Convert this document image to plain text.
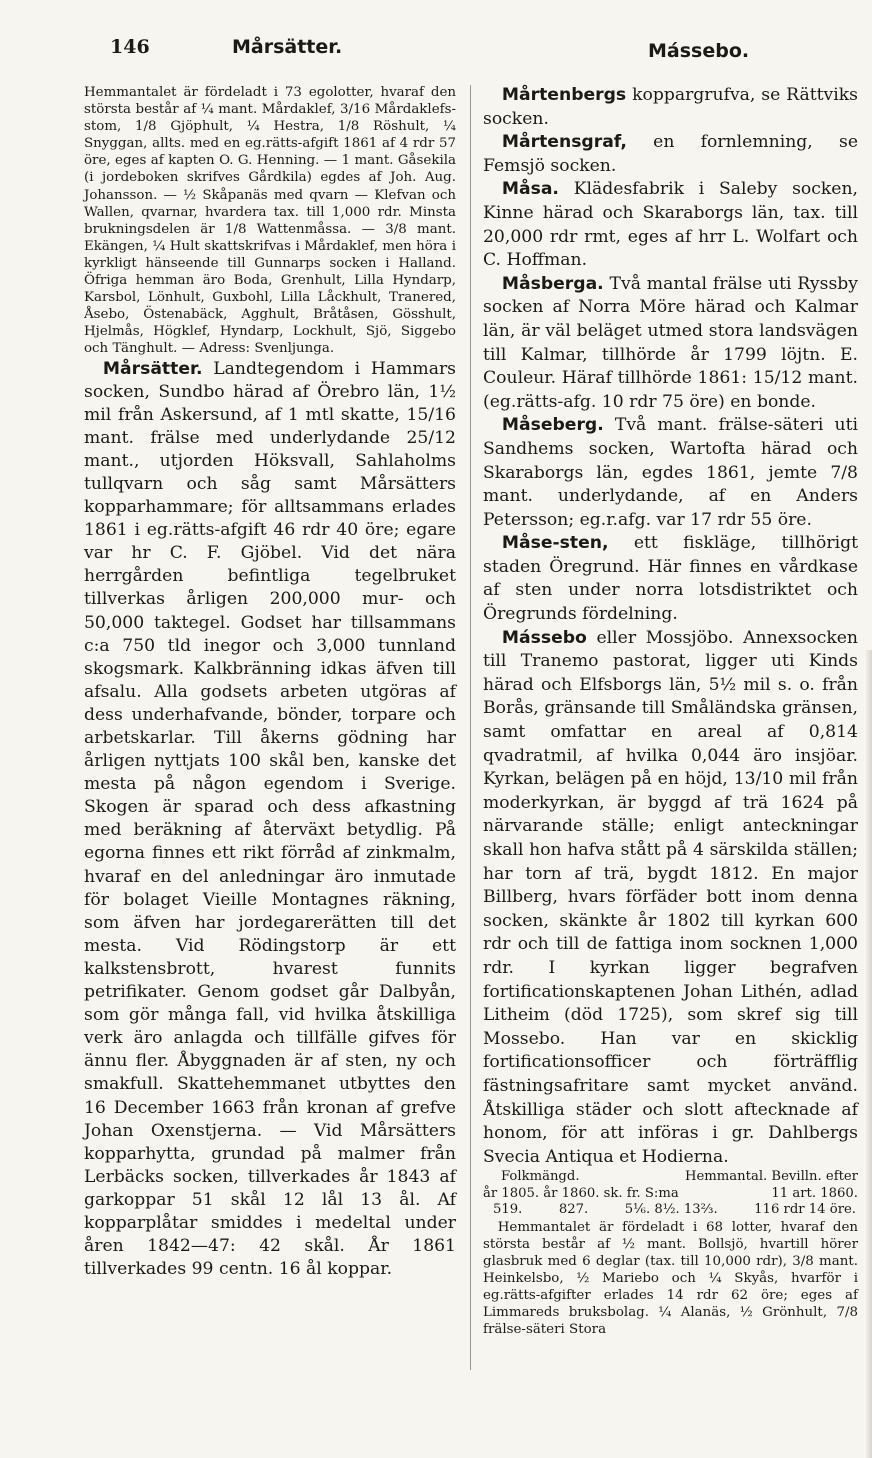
146	Mårsätter.	Mássebo.

Hemmantalet är fördeladt i 73 egolotter, hvaraf den största består af ¼ mant. Mårdaklef, 3/16 Mårdaklefs-stom, 1/8 Gjöphult, ¼ Hestra, 1/8 Röshult, ¼ Snyggan, allts. med en eg.rätts-afgift 1861 af 4 rdr 57 öre, eges af kapten O. G. Henning. — 1 mant. Gåsekila (i jordeboken skrifves Gårdkila) egdes af Joh. Aug. Johansson. — ½ Skåpanäs med qvarn — Klefvan och Wallen, qvarnar, hvardera tax. till 1,000 rdr. Minsta brukningsdelen är 1/8 Wattenmåssa. — 3/8 mant. Ekängen, ¼ Hult skattskrifvas i Mårdaklef, men höra i kyrkligt hänseende till Gunnarps socken i Halland. Öfriga hemman äro Boda, Grenhult, Lilla Hyndarp, Karsbol, Lönhult, Guxbohl, Lilla Låckhult, Tranered, Åsebo, Östenabäck, Agghult, Bråtåsen, Gösshult, Hjelmås, Högklef, Hyndarp, Lockhult, Sjö, Siggebo och Tänghult. — Adress: Svenljunga.

Mårsätter. Landtegendom i Hammars socken, Sundbo härad af Örebro län, 1½ mil från Askersund, af 1 mtl skatte, 15/16 mant. frälse med underlydande 25/12 mant., utjorden Höksvall, Sahlaholms tullqvarn och såg samt Mårsätters kopparhammare; för alltsammans erlades 1861 i eg.rätts-afgift 46 rdr 40 öre; egare var hr C. F. Gjöbel. Vid det nära herrgården befintliga tegelbruket tillverkas årligen 200,000 mur- och 50,000 taktegel. Godset har tillsammans c:a 750 tld inegor och 3,000 tunnland skogsmark. Kalkbränning idkas äfven till afsalu. Alla godsets arbeten utgöras af dess underhafvande, bönder, torpare och arbetskarlar. Till åkerns gödning har årligen nyttjats 100 skål ben, kanske det mesta på någon egendom i Sverige. Skogen är sparad och dess afkastning med beräkning af återväxt betydlig. På egorna finnes ett rikt förråd af zinkmalm, hvaraf en del anledningar äro inmutade för bolaget Vieille Montagnes räkning, som äfven har jordegarerätten till det mesta. Vid Rödingstorp är ett kalkstensbrott, hvarest funnits petrifikater. Genom godset går Dalbyån, som gör många fall, vid hvilka åtskilliga verk äro anlagda och tillfälle gifves för ännu fler. Åbyggnaden är af sten, ny och smakfull. Skattehemmanet utbyttes den 16 December 1663 från kronan af grefve Johan Oxenstjerna. — Vid Mårsätters kopparhytta, grundad på malmer från Lerbäcks socken, tillverkades år 1843 af garkoppar 51 skål 12 lål 13 ål. Af kopparplåtar smiddes i medeltal under åren 1842—47: 42 skål. År 1861 tillverkades 99 centn. 16 ål koppar.

Mårtenbergs koppargrufva, se Rättviks socken.

Mårtensgraf, en fornlemning, se Femsjö socken.

Måsa. Klädesfabrik i Saleby socken, Kinne härad och Skaraborgs län, tax. till 20,000 rdr rmt, eges af hrr L. Wolfart och C. Hoffman.

Måsberga. Två mantal frälse uti Ryssby socken af Norra Möre härad och Kalmar län, är väl beläget utmed stora landsvägen till Kalmar, tillhörde år 1799 löjtn. E. Couleur. Häraf tillhörde 1861: 15/12 mant. (eg.rätts-afg. 10 rdr 75 öre) en bonde.

Måseberg. Två mant. frälse-säteri uti Sandhems socken, Wartofta härad och Skaraborgs län, egdes 1861, jemte 7/8 mant. underlydande, af en Anders Petersson; eg.r.afg. var 17 rdr 55 öre.

Måse-sten, ett fiskläge, tillhörigt staden Öregrund. Här finnes en vårdkase af sten under norra lotsdistriktet och Öregrunds fördelning.

Mássebo eller Mossjöbo. Annexsocken till Tranemo pastorat, ligger uti Kinds härad och Elfsborgs län, 5½ mil s. o. från Borås, gränsande till Småländska gränsen, samt omfattar en areal af 0,814 qvadratmil, af hvilka 0,044 äro insjöar. Kyrkan, belägen på en höjd, 13/10 mil från moderkyrkan, är byggd af trä 1624 på närvarande ställe; enligt anteckningar skall hon hafva stått på 4 särskilda ställen; har torn af trä, bygdt 1812. En major Billberg, hvars förfäder bott inom denna socken, skänkte år 1802 till kyrkan 600 rdr och till de fattiga inom socknen 1,000 rdr. I kyrkan ligger begrafven fortificationskaptenen Johan Lithén, adlad Litheim (död 1725), som skref sig till Mossebo. Han var en skicklig fortificationsofficer och förträfflig fästningsafritare samt mycket använd. Åtskilliga städer och slott aftecknade af honom, för att införas i gr. Dahlbergs Svecia Antiqua et Hodierna.

Folkmängd.	Hemmantal. Bevilln. efter
år 1805. år 1860. sk. fr. S:ma	11 art. 1860.
519.	827.	5⅙. 8½. 13⅔.	116 rdr 14 öre.

Hemmantalet är fördeladt i 68 lotter, hvaraf den största består af ½ mant. Bollsjö, hvartill hörer glasbruk med 6 deglar (tax. till 10,000 rdr), 3/8 mant. Heinkelsbo, ½ Mariebo och ¼ Skyås, hvarför i eg.rätts-afgifter erlades 14 rdr 62 öre; eges af Limmareds bruksbolag. ¼ Alanäs, ½ Grönhult, 7/8 frälse-säteri Stora
